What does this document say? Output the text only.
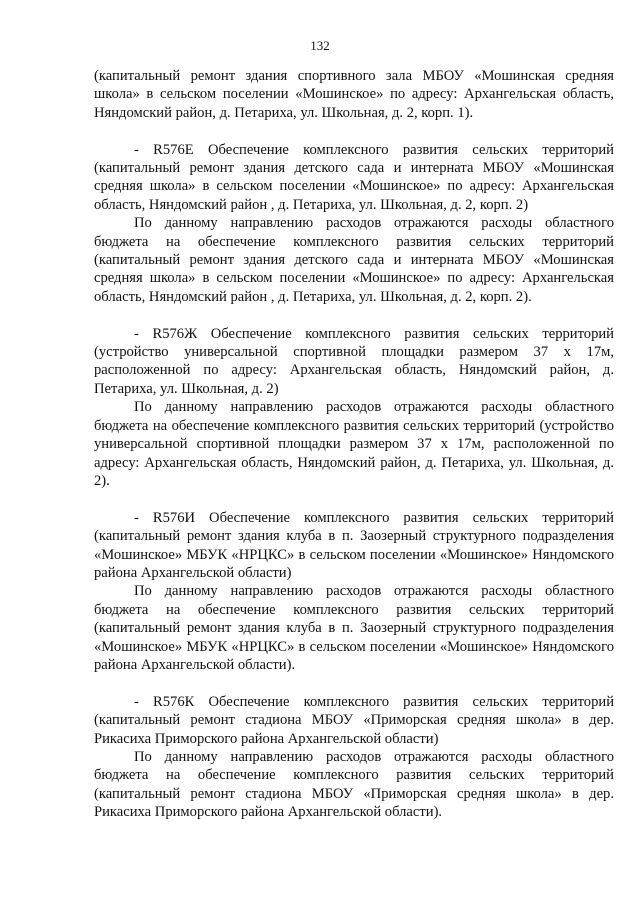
132

(капитальный ремонт здания спортивного зала МБОУ «Мошинская средняя школа» в сельском поселении «Мошинское» по адресу: Архангельская область, Няндомский район, д. Петариха, ул. Школьная, д. 2, корп. 1).

- R576Е Обеспечение комплексного развития сельских территорий (капитальный ремонт здания детского сада и интерната МБОУ «Мошинская средняя школа» в сельском поселении «Мошинское» по адресу: Архангельская область, Няндомский район , д. Петариха, ул. Школьная, д. 2, корп. 2)

По данному направлению расходов отражаются расходы областного бюджета на обеспечение комплексного развития сельских территорий (капитальный ремонт здания детского сада и интерната МБОУ «Мошинская средняя школа» в сельском поселении «Мошинское» по адресу: Архангельская область, Няндомский район , д. Петариха, ул. Школьная, д. 2, корп. 2).

- R576Ж Обеспечение комплексного развития сельских территорий (устройство универсальной спортивной площадки размером 37 х 17м, расположенной по адресу: Архангельская область, Няндомский район, д. Петариха, ул. Школьная, д. 2)

По данному направлению расходов отражаются расходы областного бюджета на обеспечение комплексного развития сельских территорий (устройство универсальной спортивной площадки размером 37 х 17м, расположенной по адресу: Архангельская область, Няндомский район, д. Петариха, ул. Школьная, д. 2).

- R576И Обеспечение комплексного развития сельских территорий (капитальный ремонт здания клуба в п. Заозерный структурного подразделения «Мошинское» МБУК «НРЦКС» в сельском поселении «Мошинское» Няндомского района Архангельской области)

По данному направлению расходов отражаются расходы областного бюджета на обеспечение комплексного развития сельских территорий (капитальный ремонт здания клуба в п. Заозерный структурного подразделения «Мошинское» МБУК «НРЦКС» в сельском поселении «Мошинское» Няндомского района Архангельской области).

- R576К Обеспечение комплексного развития сельских территорий (капитальный ремонт стадиона МБОУ «Приморская средняя школа» в дер. Рикасиха Приморского района Архангельской области)

По данному направлению расходов отражаются расходы областного бюджета на обеспечение комплексного развития сельских территорий (капитальный ремонт стадиона МБОУ «Приморская средняя школа» в дер. Рикасиха Приморского района Архангельской области).
